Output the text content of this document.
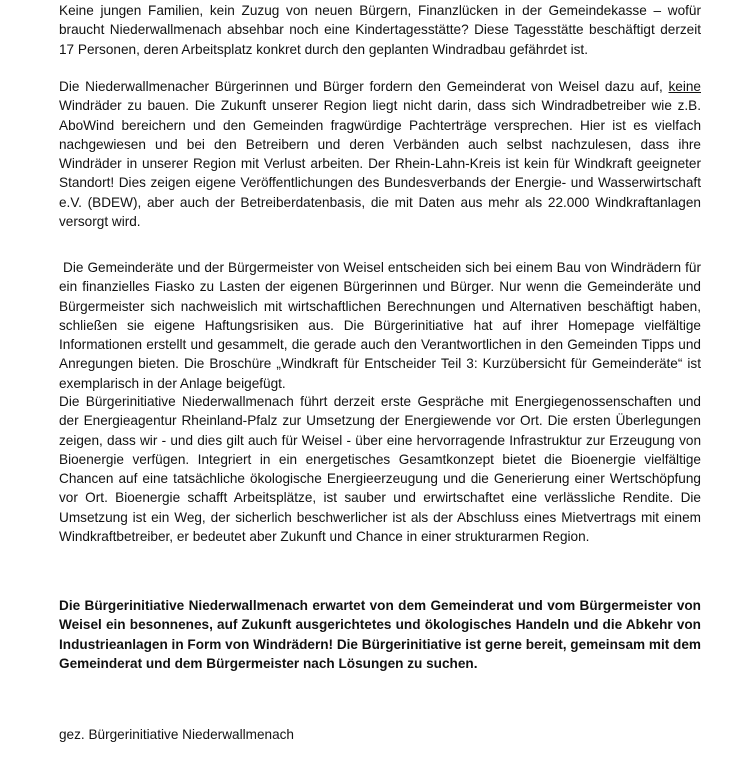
Keine jungen Familien, kein Zuzug von neuen Bürgern, Finanzlücken in der Gemeindekasse – wofür braucht Niederwallmenach absehbar noch eine Kindertagesstätte? Diese Tagesstätte beschäftigt derzeit 17 Personen, deren Arbeitsplatz konkret durch den geplanten Windradbau gefährdet ist.

Die Niederwallmenacher Bürgerinnen und Bürger fordern den Gemeinderat von Weisel dazu auf, keine Windräder zu bauen. Die Zukunft unserer Region liegt nicht darin, dass sich Windradbetreiber wie z.B. AboWind bereichern und den Gemeinden fragwürdige Pachterträge versprechen. Hier ist es vielfach nachgewiesen und bei den Betreibern und deren Verbänden auch selbst nachzulesen, dass ihre Windräder in unserer Region mit Verlust arbeiten. Der Rhein-Lahn-Kreis ist kein für Windkraft geeigneter Standort! Dies zeigen eigene Veröffentlichungen des Bundesverbands der Energie- und Wasserwirtschaft e.V. (BDEW), aber auch der Betreiberdatenbasis, die mit Daten aus mehr als 22.000 Windkraftanlagen versorgt wird.

Die Gemeinderäte und der Bürgermeister von Weisel entscheiden sich bei einem Bau von Windrädern für ein finanzielles Fiasko zu Lasten der eigenen Bürgerinnen und Bürger. Nur wenn die Gemeinderäte und Bürgermeister sich nachweislich mit wirtschaftlichen Berechnungen und Alternativen beschäftigt haben, schließen sie eigene Haftungsrisiken aus. Die Bürgerinitiative hat auf ihrer Homepage vielfältige Informationen erstellt und gesammelt, die gerade auch den Verantwortlichen in den Gemeinden Tipps und Anregungen bieten. Die Broschüre „Windkraft für Entscheider Teil 3: Kurzübersicht für Gemeinderäte“ ist exemplarisch in der Anlage beigefügt.

Die Bürgerinitiative Niederwallmenach führt derzeit erste Gespräche mit Energiegenossenschaften und der Energieagentur Rheinland-Pfalz zur Umsetzung der Energiewende vor Ort. Die ersten Überlegungen zeigen, dass wir - und dies gilt auch für Weisel - über eine hervorragende Infrastruktur zur Erzeugung von Bioenergie verfügen. Integriert in ein energetisches Gesamtkonzept bietet die Bioenergie vielfältige Chancen auf eine tatsächliche ökologische Energieerzeugung und die Generierung einer Wertschöpfung vor Ort. Bioenergie schafft Arbeitsplätze, ist sauber und erwirtschaftet eine verlässliche Rendite. Die Umsetzung ist ein Weg, der sicherlich beschwerlicher ist als der Abschluss eines Mietvertrags mit einem Windkraftbetreiber, er bedeutet aber Zukunft und Chance in einer strukturarmen Region.

Die Bürgerinitiative Niederwallmenach erwartet von dem Gemeinderat und vom Bürgermeister von Weisel ein besonnenes, auf Zukunft ausgerichtetes und ökologisches Handeln und die Abkehr von Industrieanlagen in Form von Windrädern! Die Bürgerinitiative ist gerne bereit, gemeinsam mit dem Gemeinderat und dem Bürgermeister nach Lösungen zu suchen.

gez. Bürgerinitiative Niederwallmenach
